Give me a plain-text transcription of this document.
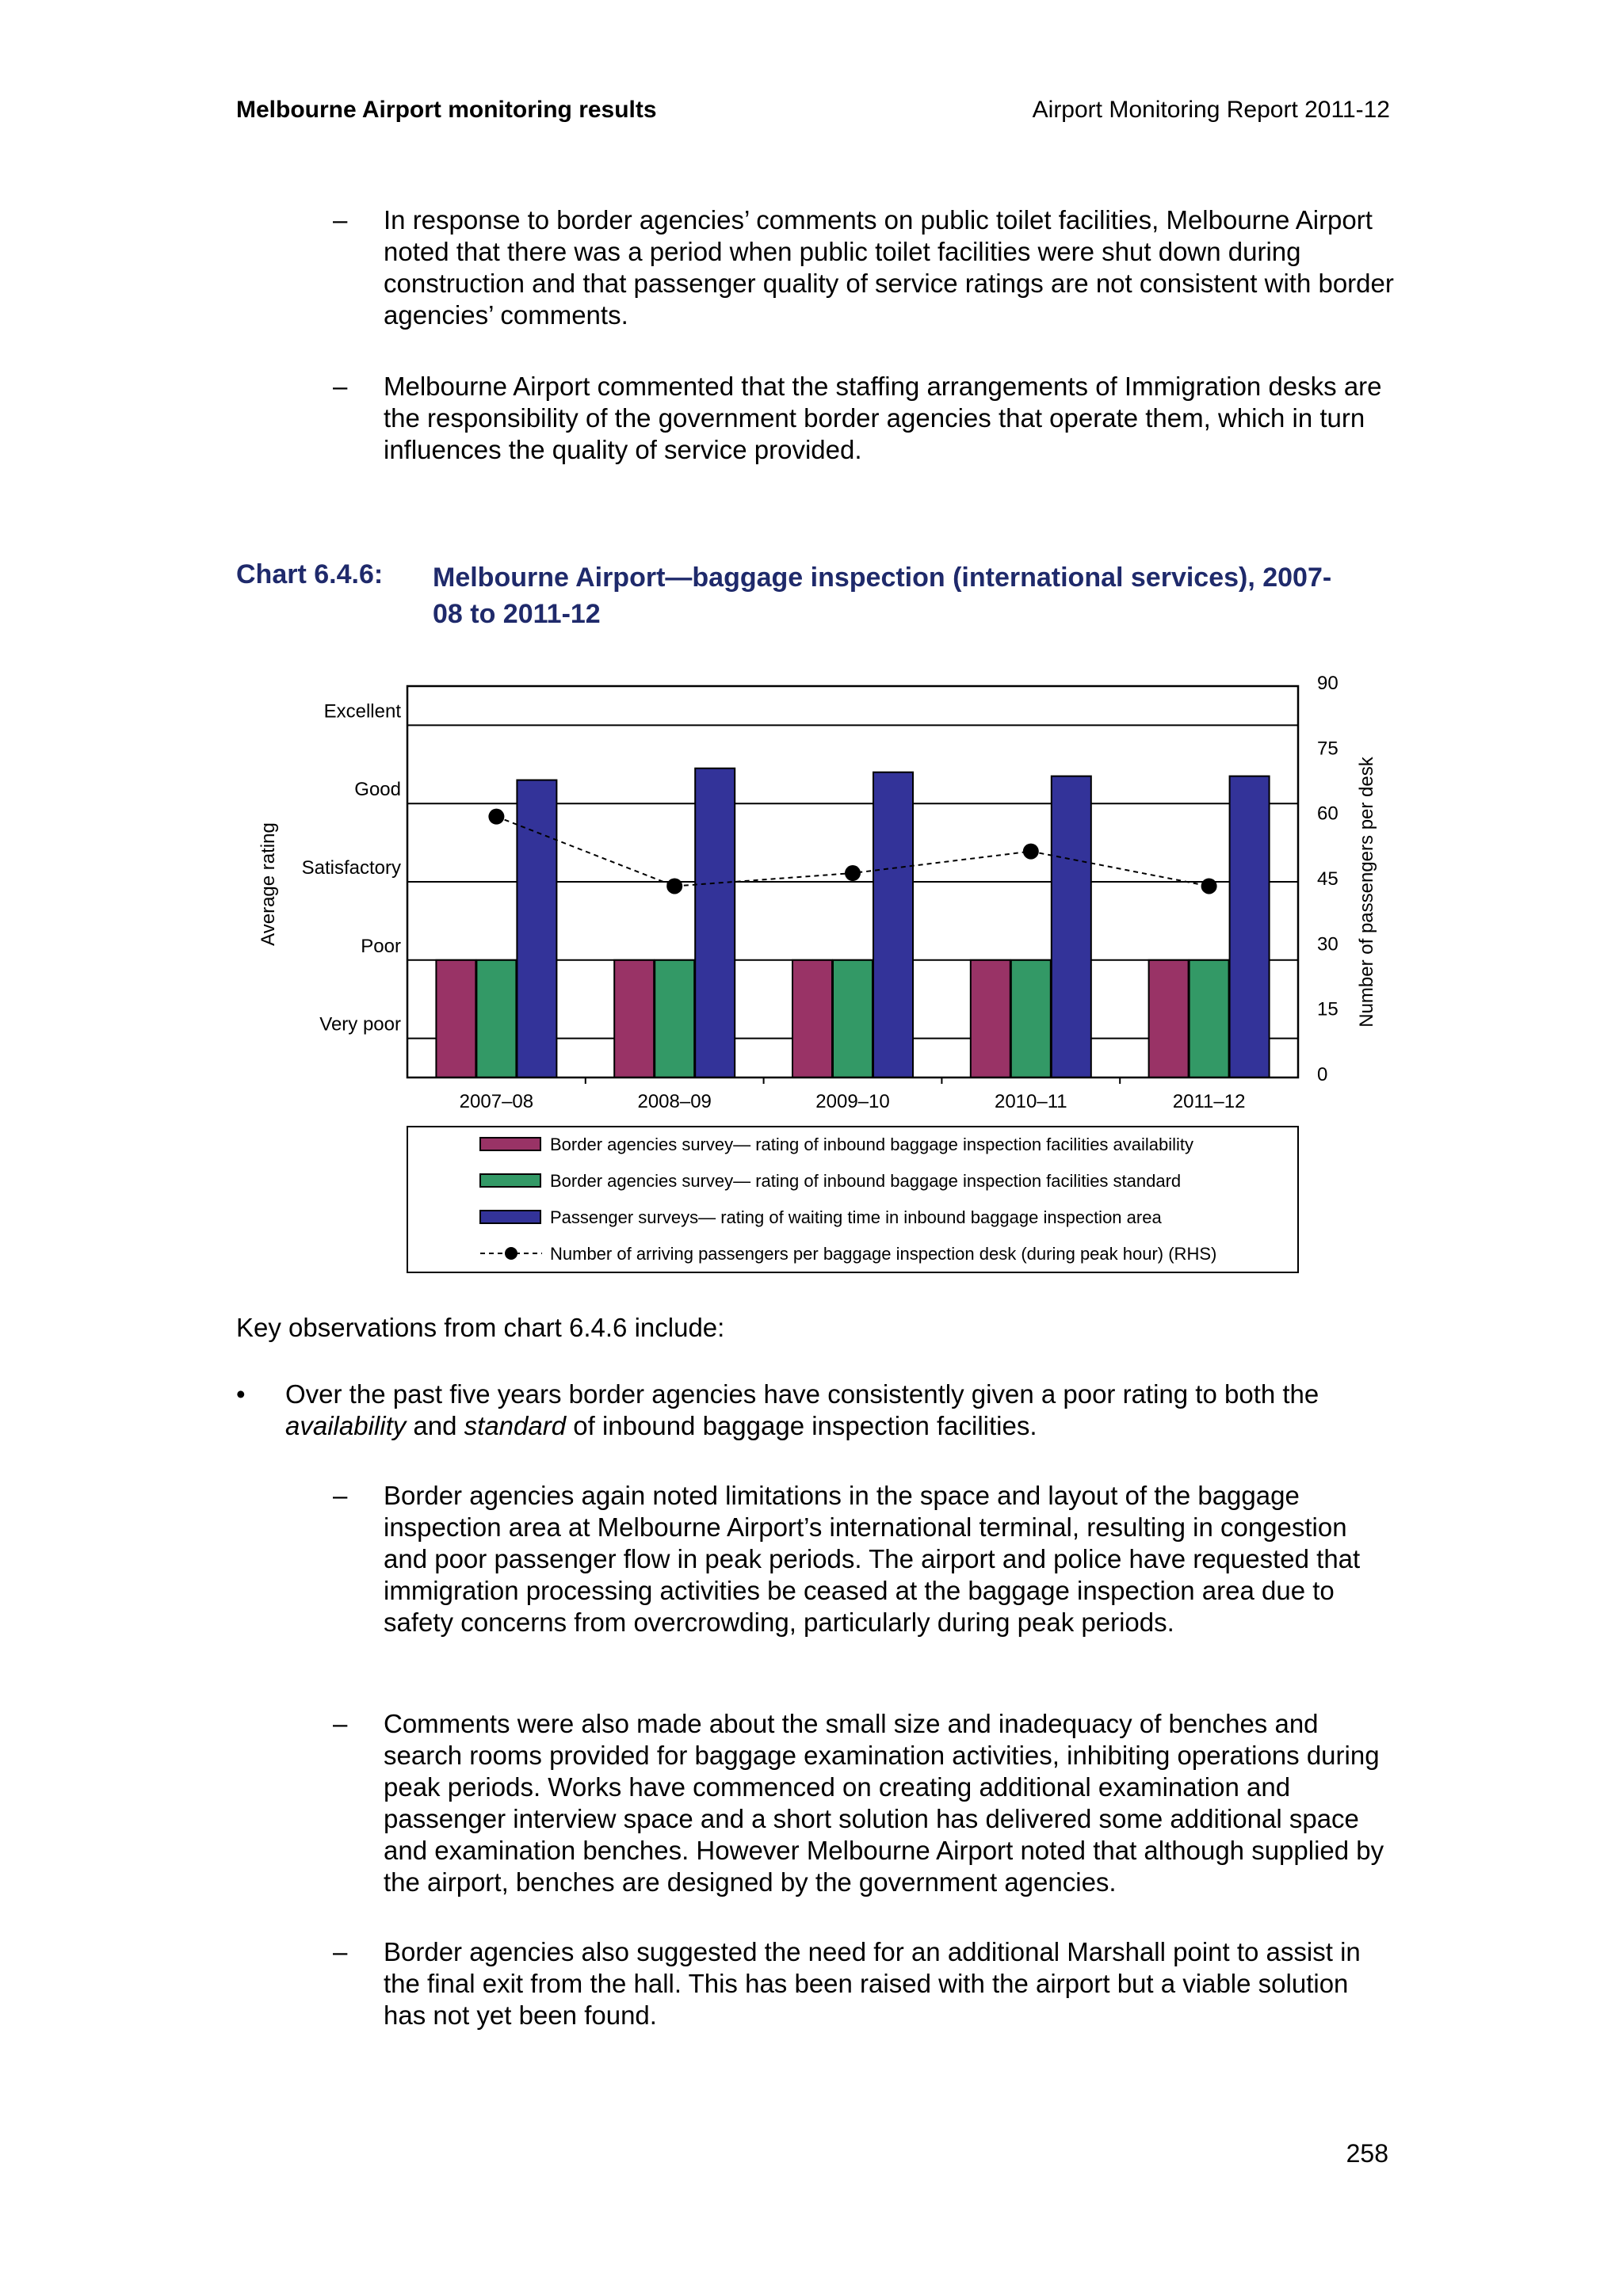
Melbourne Airport monitoring results	Airport Monitoring Report 2011-12
–	In response to border agencies’ comments on public toilet facilities, Melbourne Airport noted that there was a period when public toilet facilities were shut down during construction and that passenger quality of service ratings are not consistent with border agencies’ comments.
–	Melbourne Airport commented that the staffing arrangements of Immigration desks are the responsibility of the government border agencies that operate them, which in turn influences the quality of service provided.
Chart 6.4.6: Melbourne Airport—baggage inspection (international services), 2007-08 to 2011-12
Very poor
Poor
Satisfactory
Good
Excellent
0
15
30
45
60
75
90
2007–08	2008–09	2009–10	2010–11	2011–12
Average rating	Number of passengers per desk
Border agencies survey— rating of inbound baggage inspection facilities availability
Border agencies survey— rating of inbound baggage inspection facilities standard
Passenger surveys— rating of waiting time in inbound baggage inspection area
Number of arriving passengers per baggage inspection desk (during peak hour) (RHS)
Key observations from chart 6.4.6 include:
•	Over the past five years border agencies have consistently given a poor rating to both the availability and standard of inbound baggage inspection facilities.
–	Border agencies again noted limitations in the space and layout of the baggage inspection area at Melbourne Airport’s international terminal, resulting in congestion and poor passenger flow in peak periods. The airport and police have requested that immigration processing activities be ceased at the baggage inspection area due to safety concerns from overcrowding, particularly during peak periods.
–	Comments were also made about the small size and inadequacy of benches and search rooms provided for baggage examination activities, inhibiting operations during peak periods. Works have commenced on creating additional examination and passenger interview space and a short solution has delivered some additional space and examination benches. However Melbourne Airport noted that although supplied by the airport, benches are designed by the government agencies.
–	Border agencies also suggested the need for an additional Marshall point to assist in the final exit from the hall. This has been raised with the airport but a viable solution has not yet been found.
258
